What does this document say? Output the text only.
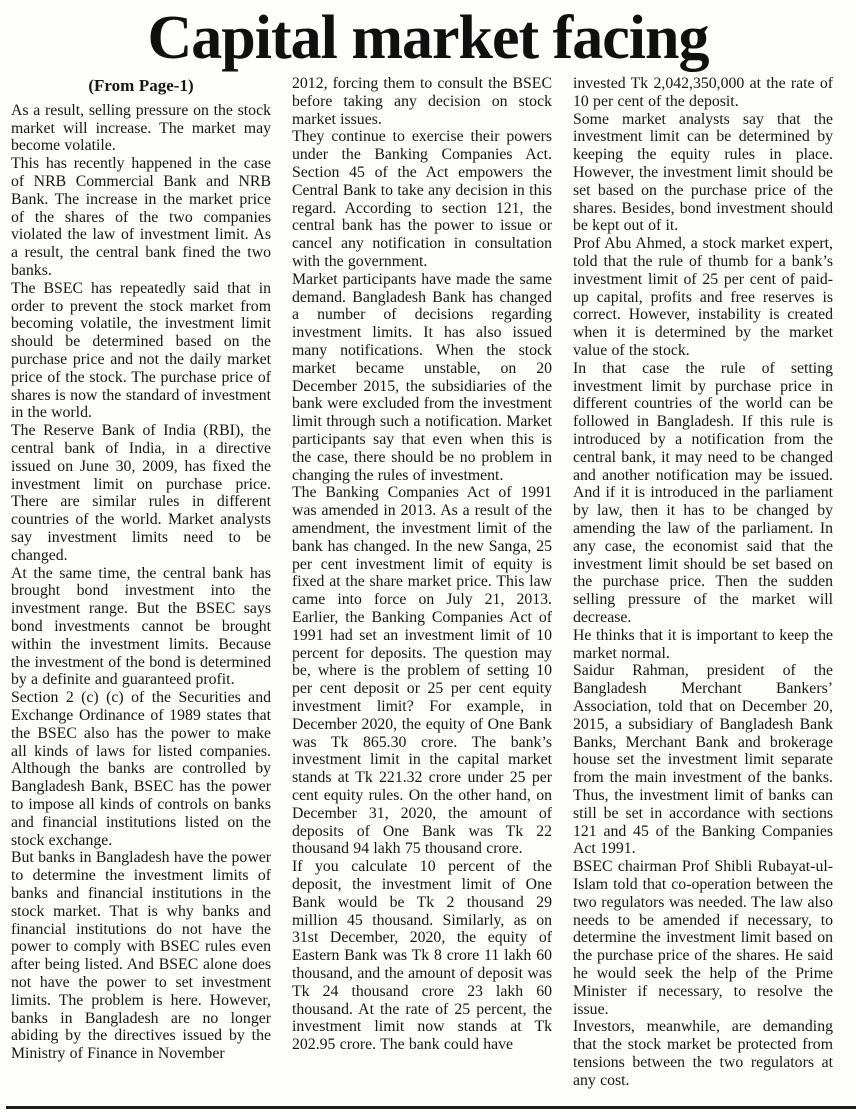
Capital market facing
(From Page-1)

As a result, selling pressure on the stock market will increase. The market may become volatile.

This has recently happened in the case of NRB Commercial Bank and NRB Bank. The increase in the market price of the shares of the two companies violated the law of investment limit. As a result, the central bank fined the two banks.

The BSEC has repeatedly said that in order to prevent the stock market from becoming volatile, the investment limit should be determined based on the purchase price and not the daily market price of the stock. The purchase price of shares is now the standard of investment in the world.

The Reserve Bank of India (RBI), the central bank of India, in a directive issued on June 30, 2009, has fixed the investment limit on purchase price. There are similar rules in different countries of the world. Market analysts say investment limits need to be changed.

At the same time, the central bank has brought bond investment into the investment range. But the BSEC says bond investments cannot be brought within the investment limits. Because the investment of the bond is determined by a definite and guaranteed profit.

Section 2 (c) (c) of the Securities and Exchange Ordinance of 1989 states that the BSEC also has the power to make all kinds of laws for listed companies. Although the banks are controlled by Bangladesh Bank, BSEC has the power to impose all kinds of controls on banks and financial institutions listed on the stock exchange.

But banks in Bangladesh have the power to determine the investment limits of banks and financial institutions in the stock market. That is why banks and financial institutions do not have the power to comply with BSEC rules even after being listed. And BSEC alone does not have the power to set investment limits. The problem is here. However, banks in Bangladesh are no longer abiding by the directives issued by the Ministry of Finance in November

2012, forcing them to consult the BSEC before taking any decision on stock market issues.

They continue to exercise their powers under the Banking Companies Act. Section 45 of the Act empowers the Central Bank to take any decision in this regard. According to section 121, the central bank has the power to issue or cancel any notification in consultation with the government.

Market participants have made the same demand. Bangladesh Bank has changed a number of decisions regarding investment limits. It has also issued many notifications. When the stock market became unstable, on 20 December 2015, the subsidiaries of the bank were excluded from the investment limit through such a notification. Market participants say that even when this is the case, there should be no problem in changing the rules of investment.

The Banking Companies Act of 1991 was amended in 2013. As a result of the amendment, the investment limit of the bank has changed. In the new Sanga, 25 per cent investment limit of equity is fixed at the share market price. This law came into force on July 21, 2013. Earlier, the Banking Companies Act of 1991 had set an investment limit of 10 percent for deposits. The question may be, where is the problem of setting 10 per cent deposit or 25 per cent equity investment limit? For example, in December 2020, the equity of One Bank was Tk 865.30 crore. The bank’s investment limit in the capital market stands at Tk 221.32 crore under 25 per cent equity rules. On the other hand, on December 31, 2020, the amount of deposits of One Bank was Tk 22 thousand 94 lakh 75 thousand crore.

If you calculate 10 percent of the deposit, the investment limit of One Bank would be Tk 2 thousand 29 million 45 thousand. Similarly, as on 31st December, 2020, the equity of Eastern Bank was Tk 8 crore 11 lakh 60 thousand, and the amount of deposit was Tk 24 thousand crore 23 lakh 60 thousand. At the rate of 25 percent, the investment limit now stands at Tk 202.95 crore. The bank could have

invested Tk 2,042,350,000 at the rate of 10 per cent of the deposit.

Some market analysts say that the investment limit can be determined by keeping the equity rules in place. However, the investment limit should be set based on the purchase price of the shares. Besides, bond investment should be kept out of it.

Prof Abu Ahmed, a stock market expert, told that the rule of thumb for a bank’s investment limit of 25 per cent of paid-up capital, profits and free reserves is correct. However, instability is created when it is determined by the market value of the stock.

In that case the rule of setting investment limit by purchase price in different countries of the world can be followed in Bangladesh. If this rule is introduced by a notification from the central bank, it may need to be changed and another notification may be issued. And if it is introduced in the parliament by law, then it has to be changed by amending the law of the parliament. In any case, the economist said that the investment limit should be set based on the purchase price. Then the sudden selling pressure of the market will decrease.

He thinks that it is important to keep the market normal.

Saidur Rahman, president of the Bangladesh Merchant Bankers’ Association, told that on December 20, 2015, a subsidiary of Bangladesh Bank Banks, Merchant Bank and brokerage house set the investment limit separate from the main investment of the banks. Thus, the investment limit of banks can still be set in accordance with sections 121 and 45 of the Banking Companies Act 1991.

BSEC chairman Prof Shibli Rubayat-ul-Islam told that co-operation between the two regulators was needed. The law also needs to be amended if necessary, to determine the investment limit based on the purchase price of the shares. He said he would seek the help of the Prime Minister if necessary, to resolve the issue.

Investors, meanwhile, are demanding that the stock market be protected from tensions between the two regulators at any cost.
